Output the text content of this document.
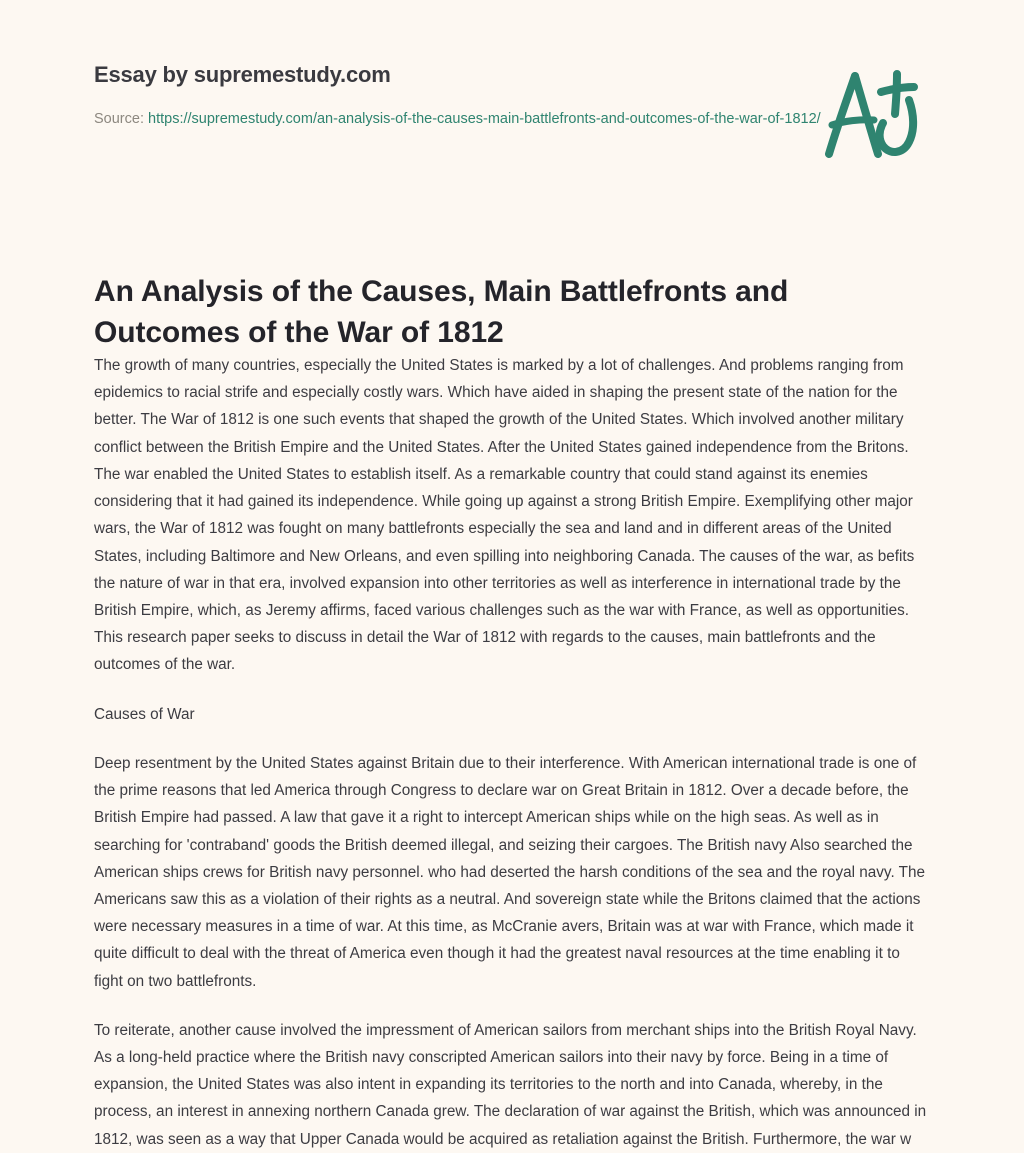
Essay by supremestudy.com
Source: https://supremestudy.com/an-analysis-of-the-causes-main-battlefronts-and-outcomes-of-the-war-of-1812/
An Analysis of the Causes, Main Battlefronts and Outcomes of the War of 1812

The growth of many countries, especially the United States is marked by a lot of challenges. And problems ranging from epidemics to racial strife and especially costly wars. Which have aided in shaping the present state of the nation for the better. The War of 1812 is one such events that shaped the growth of the United States. Which involved another military conflict between the British Empire and the United States. After the United States gained independence from the Britons. The war enabled the United States to establish itself. As a remarkable country that could stand against its enemies considering that it had gained its independence. While going up against a strong British Empire. Exemplifying other major wars, the War of 1812 was fought on many battlefronts especially the sea and land and in different areas of the United States, including Baltimore and New Orleans, and even spilling into neighboring Canada. The causes of the war, as befits the nature of war in that era, involved expansion into other territories as well as interference in international trade by the British Empire, which, as Jeremy affirms, faced various challenges such as the war with France, as well as opportunities. This research paper seeks to discuss in detail the War of 1812 with regards to the causes, main battlefronts and the outcomes of the war.

Causes of War

Deep resentment by the United States against Britain due to their interference. With American international trade is one of the prime reasons that led America through Congress to declare war on Great Britain in 1812. Over a decade before, the British Empire had passed. A law that gave it a right to intercept American ships while on the high seas. As well as in searching for 'contraband' goods the British deemed illegal, and seizing their cargoes. The British navy Also searched the American ships crews for British navy personnel. who had deserted the harsh conditions of the sea and the royal navy. The Americans saw this as a violation of their rights as a neutral. And sovereign state while the Britons claimed that the actions were necessary measures in a time of war. At this time, as McCranie avers, Britain was at war with France, which made it quite difficult to deal with the threat of America even though it had the greatest naval resources at the time enabling it to fight on two battlefronts.

To reiterate, another cause involved the impressment of American sailors from merchant ships into the British Royal Navy. As a long-held practice where the British navy conscripted American sailors into their navy by force. Being in a time of expansion, the United States was also intent in expanding its territories to the north and into Canada, whereby, in the process, an interest in annexing northern Canada grew. The declaration of war against the British, which was announced in 1812, was seen as a way that Upper Canada would be acquired as retaliation against the British. Furthermore, the war w
